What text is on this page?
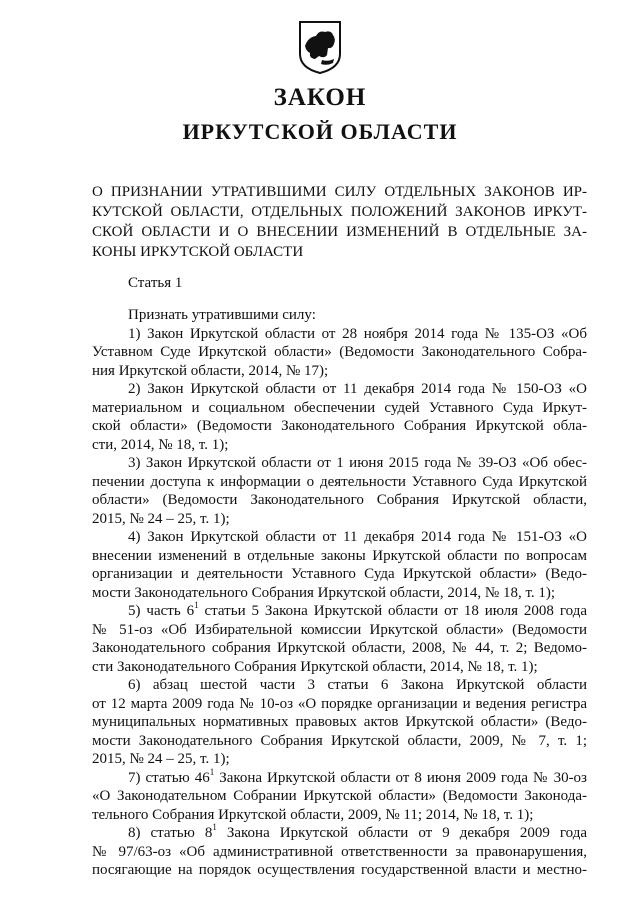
ЗАКОН
ИРКУТСКОЙ ОБЛАСТИ
О ПРИЗНАНИИ УТРАТИВШИМИ СИЛУ ОТДЕЛЬНЫХ ЗАКОНОВ ИР-
КУТСКОЙ ОБЛАСТИ, ОТДЕЛЬНЫХ ПОЛОЖЕНИЙ ЗАКОНОВ ИРКУТ-
СКОЙ ОБЛАСТИ И О ВНЕСЕНИИ ИЗМЕНЕНИЙ В ОТДЕЛЬНЫЕ ЗА-
КОНЫ ИРКУТСКОЙ ОБЛАСТИ
Статья 1
Признать утратившими силу:
1) Закон Иркутской области от 28 ноября 2014 года № 135-ОЗ «Об
Уставном Суде Иркутской области» (Ведомости Законодательного Собра-
ния Иркутской области, 2014, № 17);
2) Закон Иркутской области от 11 декабря 2014 года № 150-ОЗ «О
материальном и социальном обеспечении судей Уставного Суда Иркут-
ской области» (Ведомости Законодательного Собрания Иркутской обла-
сти, 2014, № 18, т. 1);
3) Закон Иркутской области от 1 июня 2015 года № 39-ОЗ «Об обес-
печении доступа к информации о деятельности Уставного Суда Иркутской
области» (Ведомости Законодательного Собрания Иркутской области,
2015, № 24 – 25, т. 1);
4) Закон Иркутской области от 11 декабря 2014 года № 151-ОЗ «О
внесении изменений в отдельные законы Иркутской области по вопросам
организации и деятельности Уставного Суда Иркутской области» (Ведо-
мости Законодательного Собрания Иркутской области, 2014, № 18, т. 1);
5) часть $6^1$ статьи 5 Закона Иркутской области от 18 июля 2008 года
№ 51-оз «Об Избирательной комиссии Иркутской области» (Ведомости
Законодательного собрания Иркутской области, 2008, № 44, т. 2; Ведомо-
сти Законодательного Собрания Иркутской области, 2014, № 18, т. 1);
6) абзац шестой части 3 статьи 6 Закона Иркутской области
от 12 марта 2009 года № 10-оз «О порядке организации и ведения регистра
муниципальных нормативных правовых актов Иркутской области» (Ведо-
мости Законодательного Собрания Иркутской области, 2009, № 7, т. 1;
2015, № 24 – 25, т. 1);
7) статью $46^1$ Закона Иркутской области от 8 июня 2009 года № 30-оз
«О Законодательном Собрании Иркутской области» (Ведомости Законода-
тельного Собрания Иркутской области, 2009, № 11; 2014, № 18, т. 1);
8) статью $8^1$ Закона Иркутской области от 9 декабря 2009 года
№ 97/63-оз «Об административной ответственности за правонарушения,
посягающие на порядок осуществления государственной власти и местно-
